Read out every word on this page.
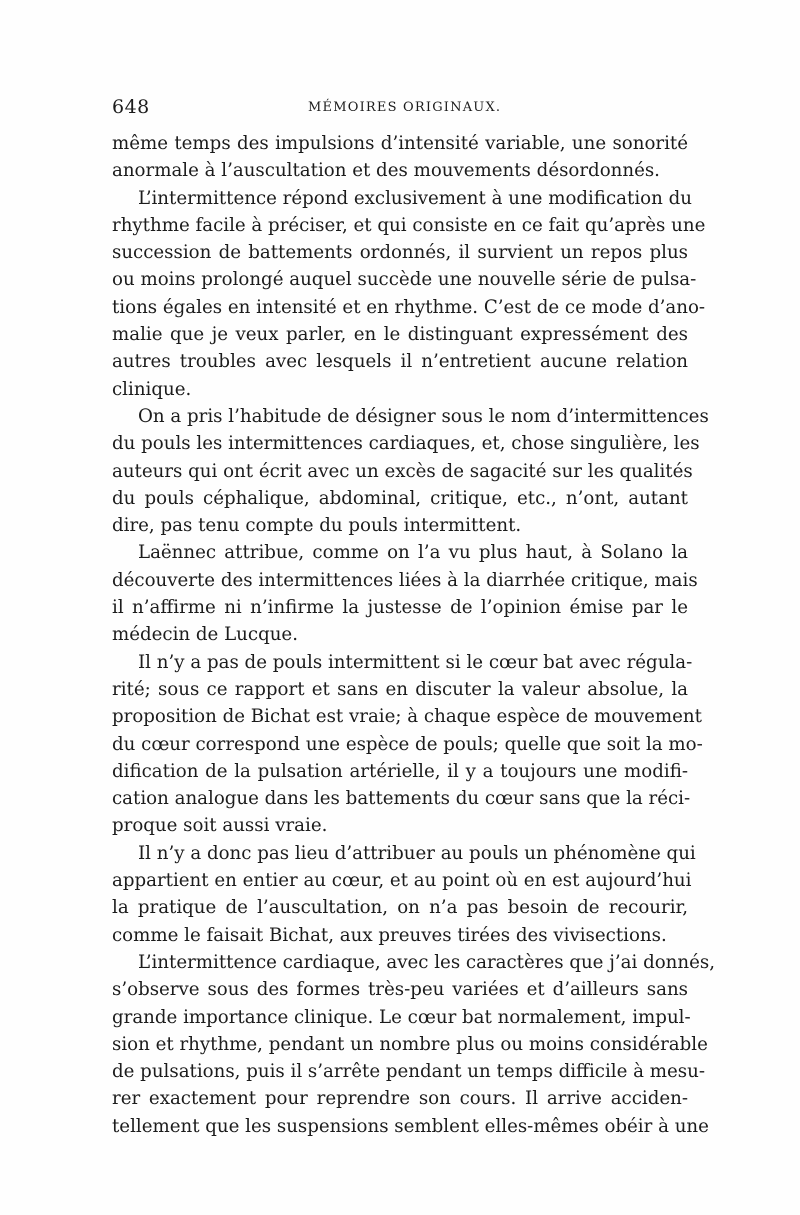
648	MÉMOIRES ORIGINAUX.
même temps des impulsions d’intensité variable, une sonorité
anormale à l’auscultation et des mouvements désordonnés.
L’intermittence répond exclusivement à une modification du
rhythme facile à préciser, et qui consiste en ce fait qu’après une
succession de battements ordonnés, il survient un repos plus
ou moins prolongé auquel succède une nouvelle série de pulsa-
tions égales en intensité et en rhythme. C’est de ce mode d’ano-
malie que je veux parler, en le distinguant expressément des
autres troubles avec lesquels il n’entretient aucune relation
clinique.
On a pris l’habitude de désigner sous le nom d’intermittences
du pouls les intermittences cardiaques, et, chose singulière, les
auteurs qui ont écrit avec un excès de sagacité sur les qualités
du pouls céphalique, abdominal, critique, etc., n’ont, autant
dire, pas tenu compte du pouls intermittent.
Laënnec attribue, comme on l’a vu plus haut, à Solano la
découverte des intermittences liées à la diarrhée critique, mais
il n’affirme ni n’infirme la justesse de l’opinion émise par le
médecin de Lucque.
Il n’y a pas de pouls intermittent si le cœur bat avec régula-
rité; sous ce rapport et sans en discuter la valeur absolue, la
proposition de Bichat est vraie; à chaque espèce de mouvement
du cœur correspond une espèce de pouls; quelle que soit la mo-
dification de la pulsation artérielle, il y a toujours une modifi-
cation analogue dans les battements du cœur sans que la réci-
proque soit aussi vraie.
Il n’y a donc pas lieu d’attribuer au pouls un phénomène qui
appartient en entier au cœur, et au point où en est aujourd’hui
la pratique de l’auscultation, on n’a pas besoin de recourir,
comme le faisait Bichat, aux preuves tirées des vivisections.
L’intermittence cardiaque, avec les caractères que j’ai donnés,
s’observe sous des formes très-peu variées et d’ailleurs sans
grande importance clinique. Le cœur bat normalement, impul-
sion et rhythme, pendant un nombre plus ou moins considérable
de pulsations, puis il s’arrête pendant un temps difficile à mesu-
rer exactement pour reprendre son cours. Il arrive acciden-
tellement que les suspensions semblent elles-mêmes obéir à une
